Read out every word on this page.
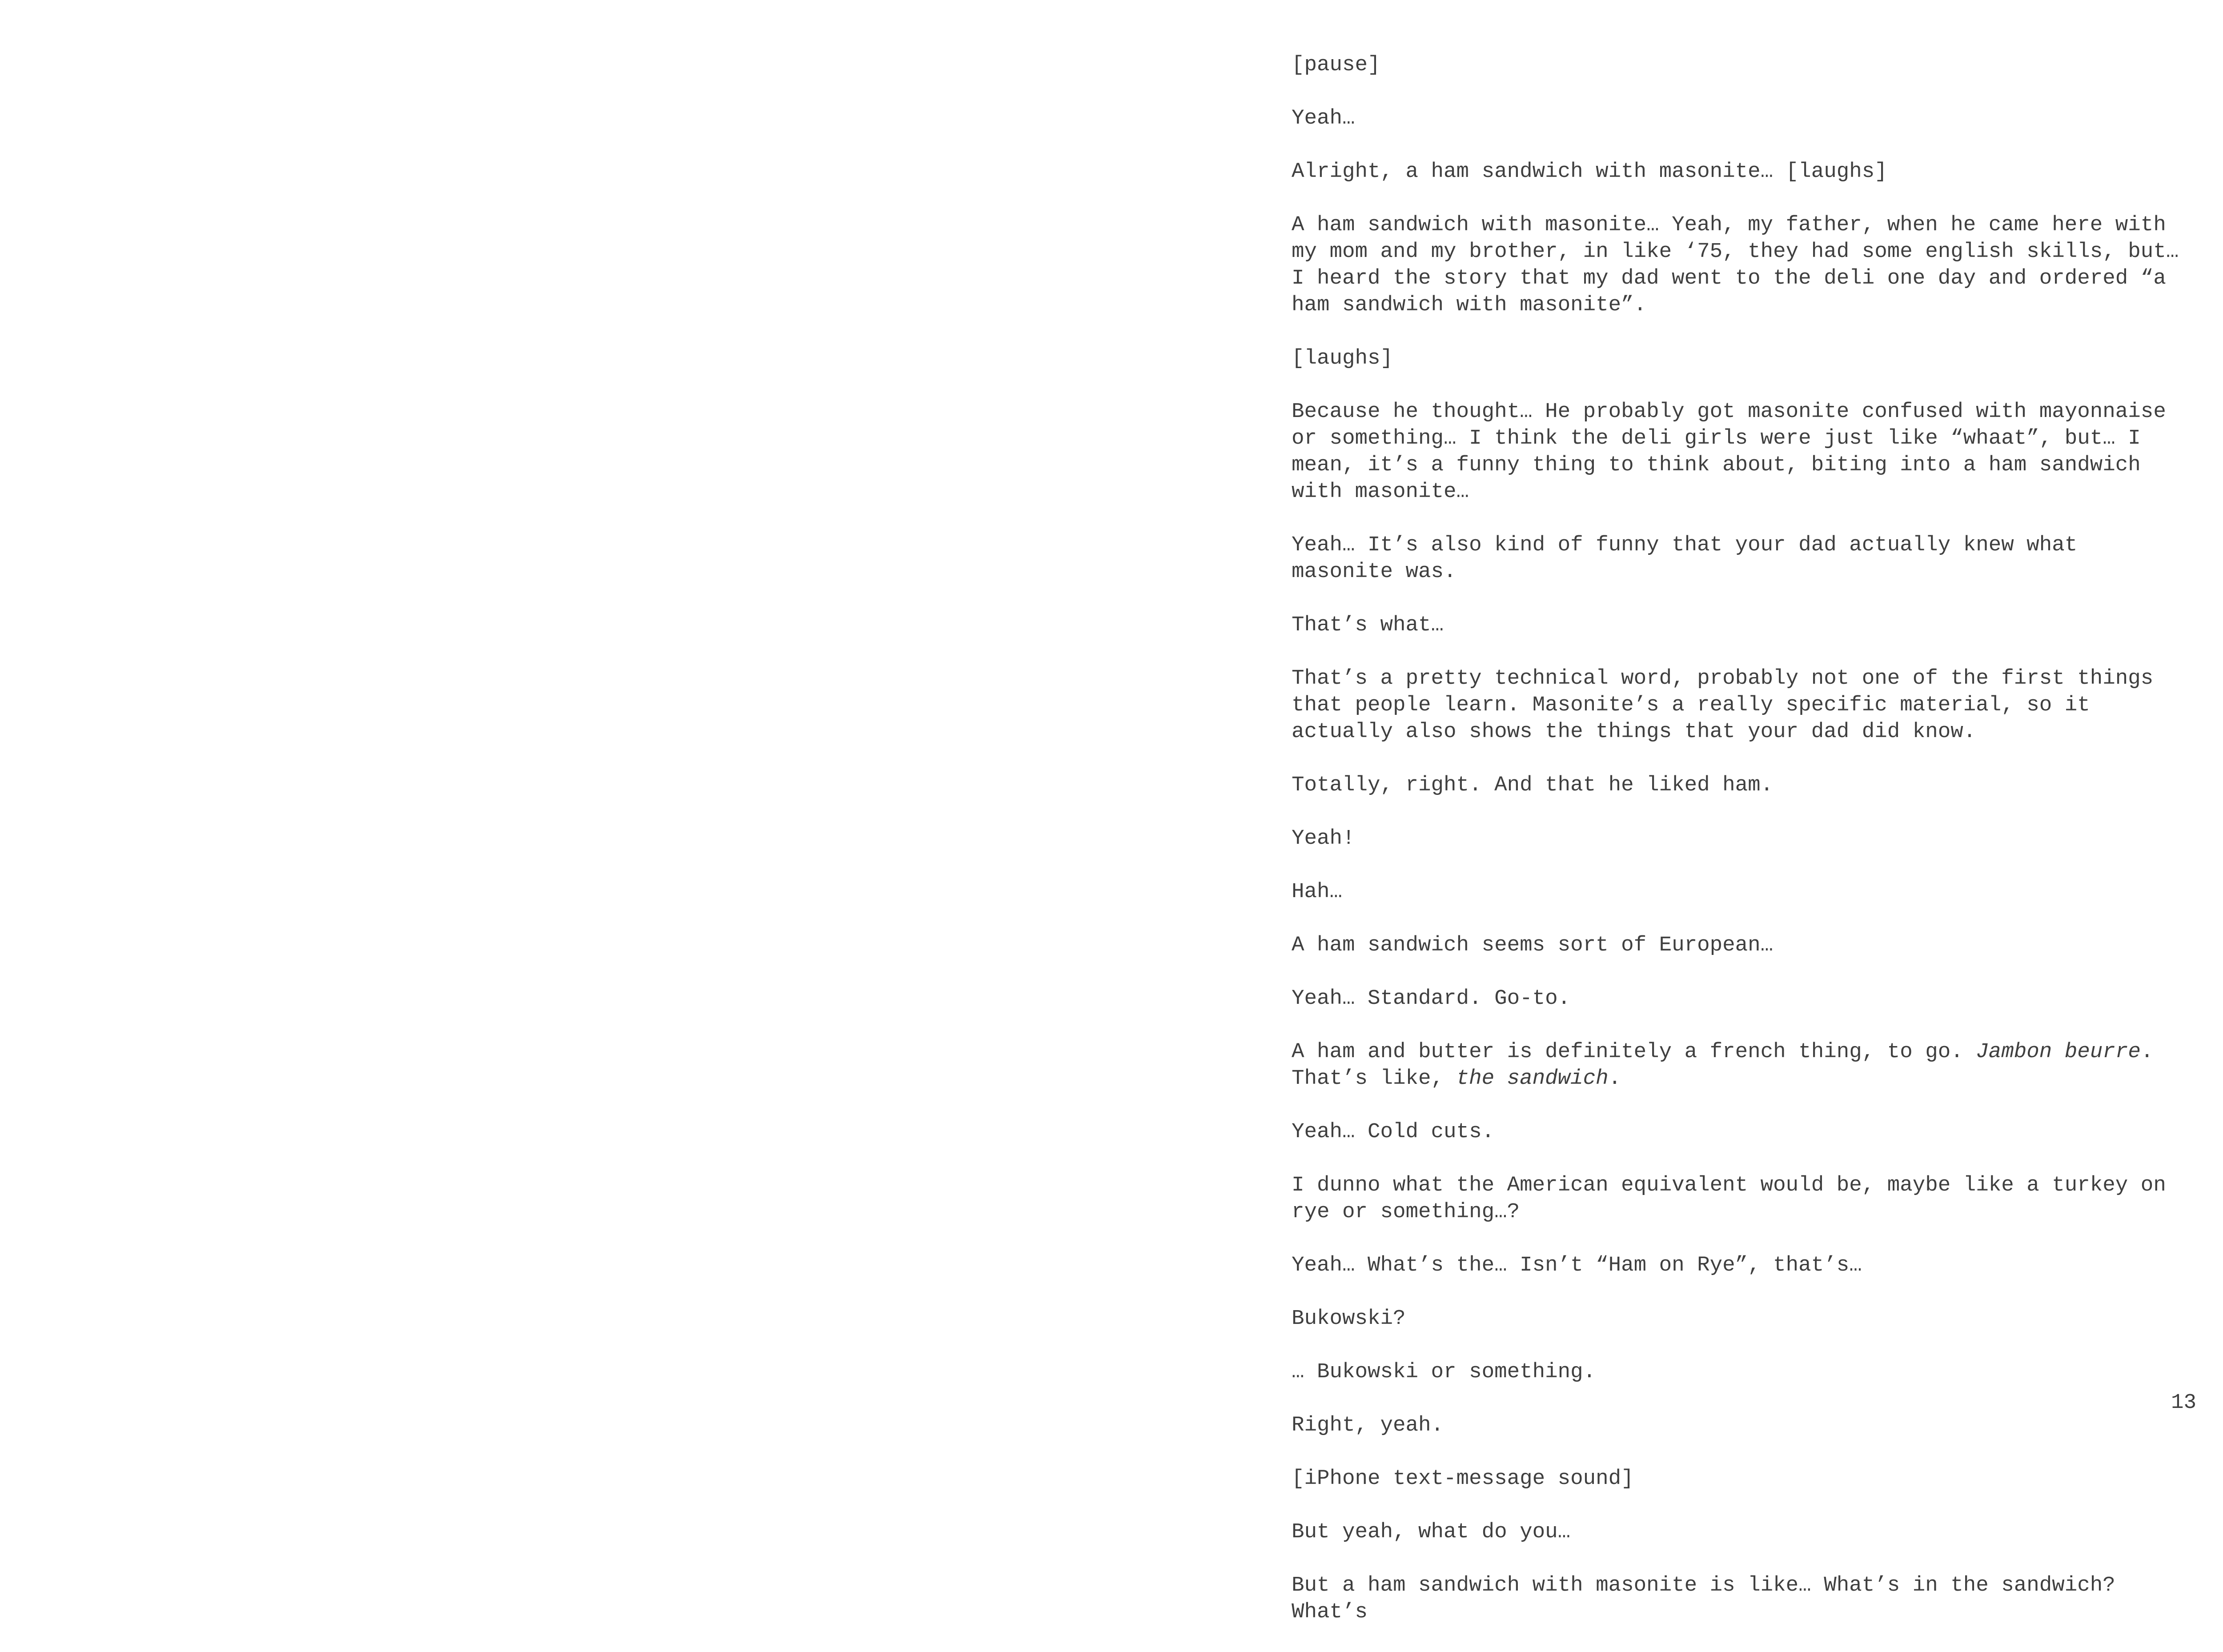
[pause]

Yeah…

Alright, a ham sandwich with masonite… [laughs]

A ham sandwich with masonite… Yeah, my father, when he came here with my mom and my brother, in like ‘75, they had some english skills, but… I heard the story that my dad went to the deli one day and ordered “a ham sandwich with masonite”.

[laughs]

Because he thought… He probably got masonite confused with mayonnaise or something… I think the deli girls were just like “whaat”, but… I mean, it’s a funny thing to think about, biting into a ham sandwich with masonite…

Yeah… It’s also kind of funny that your dad actually knew what masonite was.

That’s what…

That’s a pretty technical word, probably not one of the first things that people learn. Masonite’s a really specific material, so it actually also shows the things that your dad did know.

Totally, right. And that he liked ham.

Yeah!

Hah…

A ham sandwich seems sort of European…

Yeah… Standard. Go-to.

A ham and butter is definitely a french thing, to go. Jambon beurre. That’s like, the sandwich.

Yeah… Cold cuts.

I dunno what the American equivalent would be, maybe like a turkey on rye or something…?

Yeah… What’s the… Isn’t “Ham on Rye”, that’s…

Bukowski?

… Bukowski or something.

Right, yeah.

[iPhone text-message sound]

But yeah, what do you…

But a ham sandwich with masonite is like… What’s in the sandwich? What’s

13
